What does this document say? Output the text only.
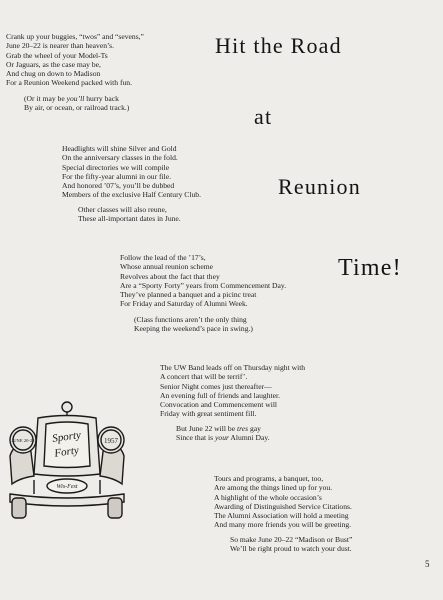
Crank up your buggies, “twos” and “sevens,”
June 20–22 is nearer than heaven’s.
Grab the wheel of your Model-Ts
Or Jaguars, as the case may be,
And chug on down to Madison
For a Reunion Weekend packed with fun.
(Or it may be you’ll hurry back
By air, or ocean, or railroad track.)
Hit the Road
at
Reunion
Time!
Headlights will shine Silver and Gold
On the anniversary classes in the fold.
Special directories we will compile
For the fifty-year alumni in our file.
And honored ’07’s, you’ll be dubbed
Members of the exclusive Half Century Club.
Other classes will also reune,
These all-important dates in June.
Follow the lead of the ’17’s,
Whose annual reunion scheme
Revolves about the fact that they
Are a “Sporty Forty” years from Commencement Day.
They’ve planned a banquet and a picinc treat
For Friday and Saturday of Alumni Week.
(Class functions aren’t the only thing
Keeping the weekend’s pace in swing.)
The UW Band leads off on Thursday night with
A concert that will be terrif’.
Senior Night comes just thereafter—
An evening full of friends and laughter.
Convocation and Commencement will
Friday with great sentiment fill.
But June 22 will be tres gay
Since that is your Alumni Day.
Tours and programs, a banquet, too,
Are among the things lined up for you.
A highlight of the whole occasion’s
Awarding of Distinguished Service Citations.
The Alumni Association will hold a meeting
And many more friends you will be greeting.
So make June 20–22 “Madison or Bust”
We’ll be right proud to watch your dust.
JUNE 20-22	1957
Sporty
Forty
Wis-Fest
5
